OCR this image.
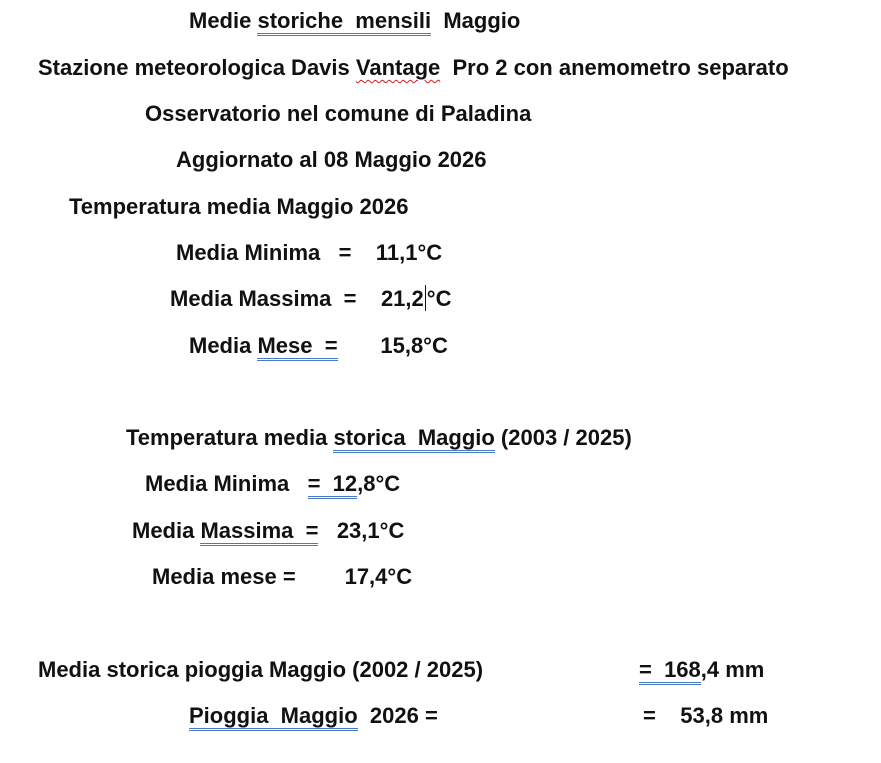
Medie storiche  mensili  Maggio
Stazione meteorologica Davis Vantage  Pro 2 con anemometro separato
Osservatorio nel comune di Paladina
Aggiornato al 08 Maggio 2026
Temperatura media Maggio 2026
Media Minima   =    11,1°C
Media Massima  =    21,2 °C
Media Mese  =       15,8°C
Temperatura media storica  Maggio (2003 / 2025)
Media Minima   =  12,8°C
Media Massima  =   23,1°C
Media mese =        17,4°C
Media storica pioggia Maggio (2002 / 2025)	=  168,4 mm
Pioggia  Maggio  2026 =	=    53,8 mm
